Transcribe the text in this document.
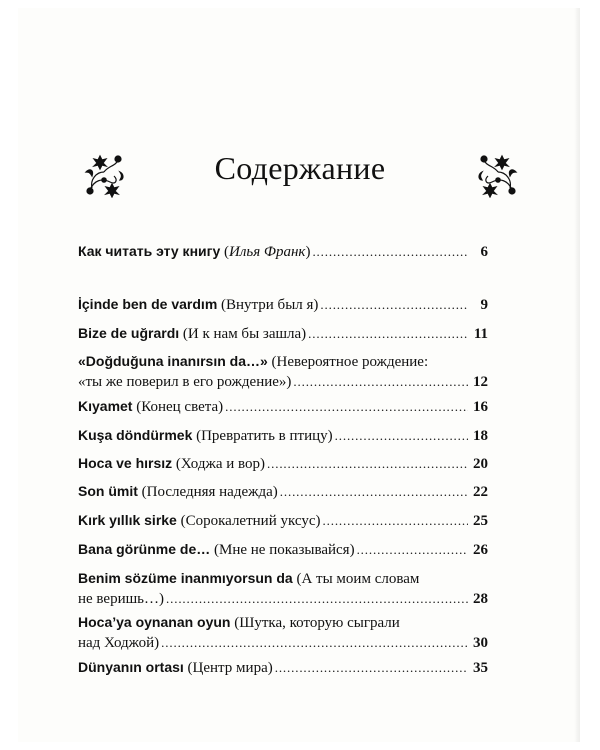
Содержание
Как читать эту книгу (Илья Франк) . . .	6
İçinde ben de vardım (Внутри был я) . . .	9
Bize de uğrardı (И к нам бы зашла) . . .	11
«Doğduğuna inanırsın da…» (Невероятное рождение:
«ты же поверил в его рождение») . . .	12
Kıyamet (Конец света) . . .	16
Kuşa döndürmek (Превратить в птицу) . . .	18
Hoca ve hırsız (Ходжа и вор) . . .	20
Son ümit (Последняя надежда) . . .	22
Kırk yıllık sirke (Сорокалетний уксус) . . .	25
Bana görünme de… (Мне не показывайся) . . .	26
Benim sözüme inanmıyorsun da (А ты моим словам
не веришь…) . . .	28
Hoca’ya oynanan oyun (Шутка, которую сыграли
над Ходжой) . . .	30
Dünyanın ortası (Центр мира) . . .	35
